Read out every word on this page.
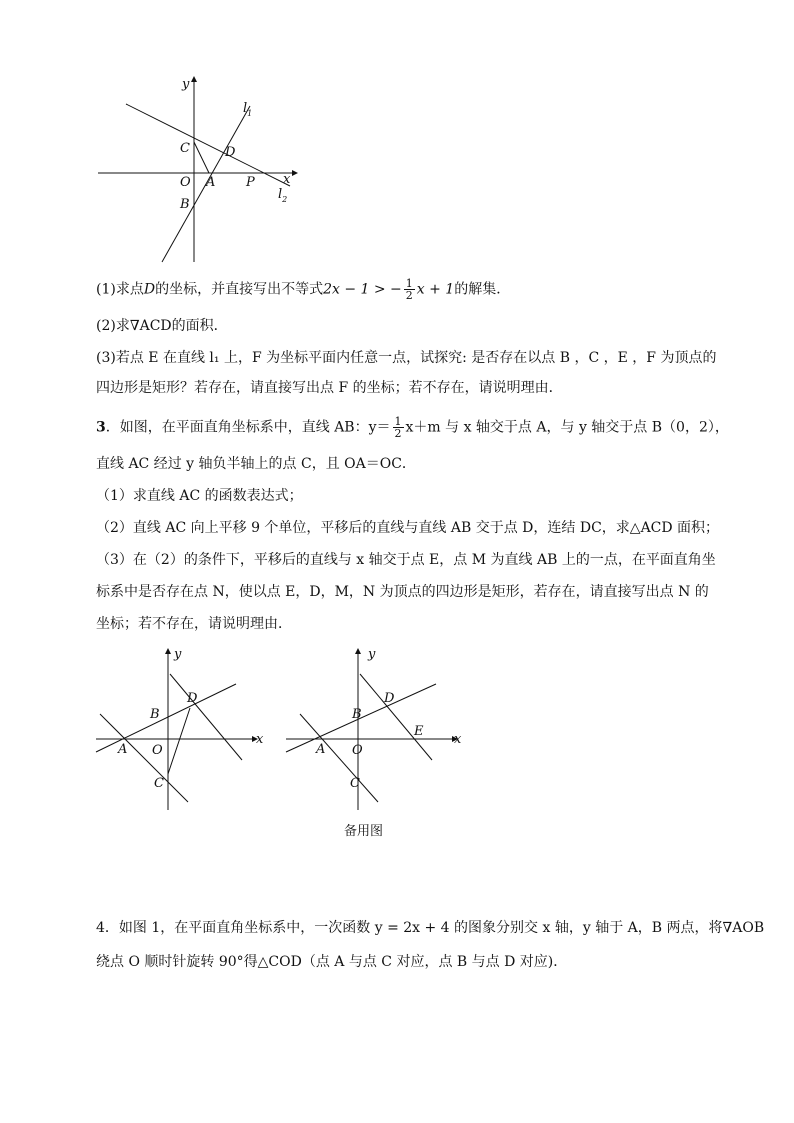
y
x
$l_1$
$l_2$
C	D
O A P
B
(1)求点D的坐标，并直接写出不等式2x − 1 > − $\frac{1}{2}$ x + 1的解集．
(2)求∇ACD的面积．
(3)若点 E 在直线 l₁ 上，F 为坐标平面内任意一点，试探究: 是否存在以点 B ，C ，E ，F 为顶点的
四边形是矩形？若存在，请直接写出点 F 的坐标；若不存在，请说明理由．
3．如图，在平面直角坐标系中，直线 AB：$y= \frac{1}{2} x+m$ 与 x 轴交于点 A，与 y 轴交于点 B（0，2），
直线 AC 经过 y 轴负半轴上的点 C，且 OA＝OC．
（1）求直线 AC 的函数表达式；
（2）直线 AC 向上平移 9 个单位，平移后的直线与直线 AB 交于点 D，连结 DC，求△ACD 面积；
（3）在（2）的条件下，平移后的直线与 x 轴交于点 E，点 M 为直线 AB 上的一点，在平面直角坐
标系中是否存在点 N，使以点 E，D，M，N 为顶点的四边形是矩形，若存在，请直接写出点 N 的
坐标；若不存在，请说明理由．
y
x
D
B
A O
C
y
x
D
B
E
A O
C
备用图
4．如图 1，在平面直角坐标系中，一次函数 y = 2x + 4 的图象分别交 x 轴，y 轴于 A，B 两点，将∇AOB
绕点 O 顺时针旋转 90°得△COD（点 A 与点 C 对应，点 B 与点 D 对应)．
